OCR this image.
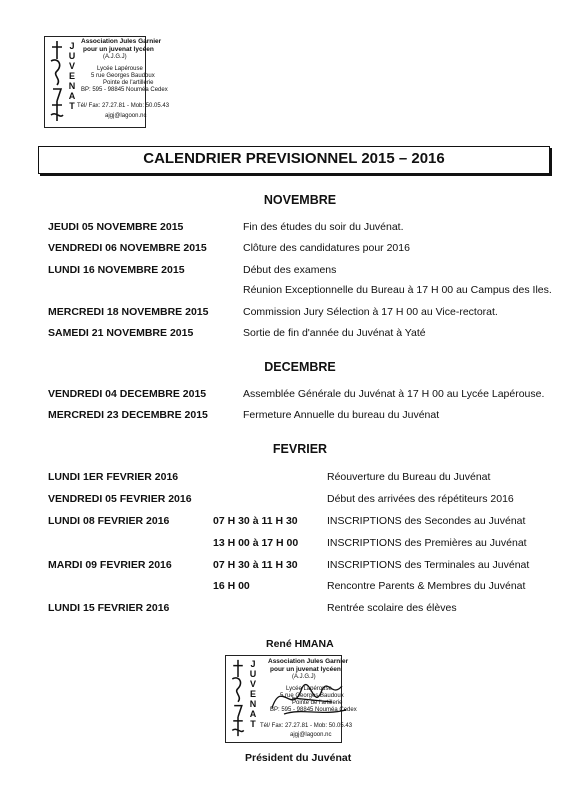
J
U
V
E
N
A
T
Association Jules Garnier
pour un juvenat lycéen
(A.J.G.J)
Lycée Lapérouse
5 rue Georges Baudoux
Pointe de l'artillerie
BP: 595 - 98845 Nouméa Cedex
Tél/ Fax: 27.27.81 - Mob: 50.05.43
ajgj@lagoon.nc
CALENDRIER PREVISIONNEL 2015 – 2016
NOVEMBRE
JEUDI 05 NOVEMBRE 2015	Fin des études du soir du Juvénat.
VENDREDI 06 NOVEMBRE 2015	Clôture des candidatures pour 2016
LUNDI 16 NOVEMBRE 2015	Début des examens
Réunion Exceptionnelle du Bureau à 17 H 00 au Campus des Iles.
MERCREDI 18 NOVEMBRE 2015	Commission Jury Sélection à 17 H 00 au Vice-rectorat.
SAMEDI 21 NOVEMBRE 2015	Sortie de fin d'année du Juvénat à Yaté
DECEMBRE
VENDREDI 04 DECEMBRE 2015	Assemblée Générale du Juvénat à 17 H 00 au Lycée Lapérouse.
MERCREDI 23 DECEMBRE 2015	Fermeture Annuelle du bureau du Juvénat
FEVRIER
LUNDI 1ER FEVRIER 2016	Réouverture du Bureau du Juvénat
VENDREDI 05 FEVRIER 2016	Début des arrivées des répétiteurs 2016
LUNDI 08 FEVRIER 2016	07 H 30 à 11 H 30	INSCRIPTIONS des Secondes au Juvénat
13 H 00 à 17 H 00	INSCRIPTIONS des Premières au Juvénat
MARDI 09 FEVRIER 2016	07 H 30 à 11 H 30	INSCRIPTIONS des Terminales au Juvénat
16 H 00	Rencontre Parents & Membres du Juvénat
LUNDI 15 FEVRIER 2016	Rentrée scolaire des élèves
René HMANA
J
U
V
E
N
A
T
Association Jules Garnier
pour un juvenat lycéen
(A.J.G.J)
Lycée Lapérouse
5 rue Georges Baudoux
Pointe de l'artillerie
BP: 595 - 98845 Nouméa Cedex
Tél/ Fax: 27.27.81 - Mob: 50.05.43
ajgj@lagoon.nc
Président du Juvénat
